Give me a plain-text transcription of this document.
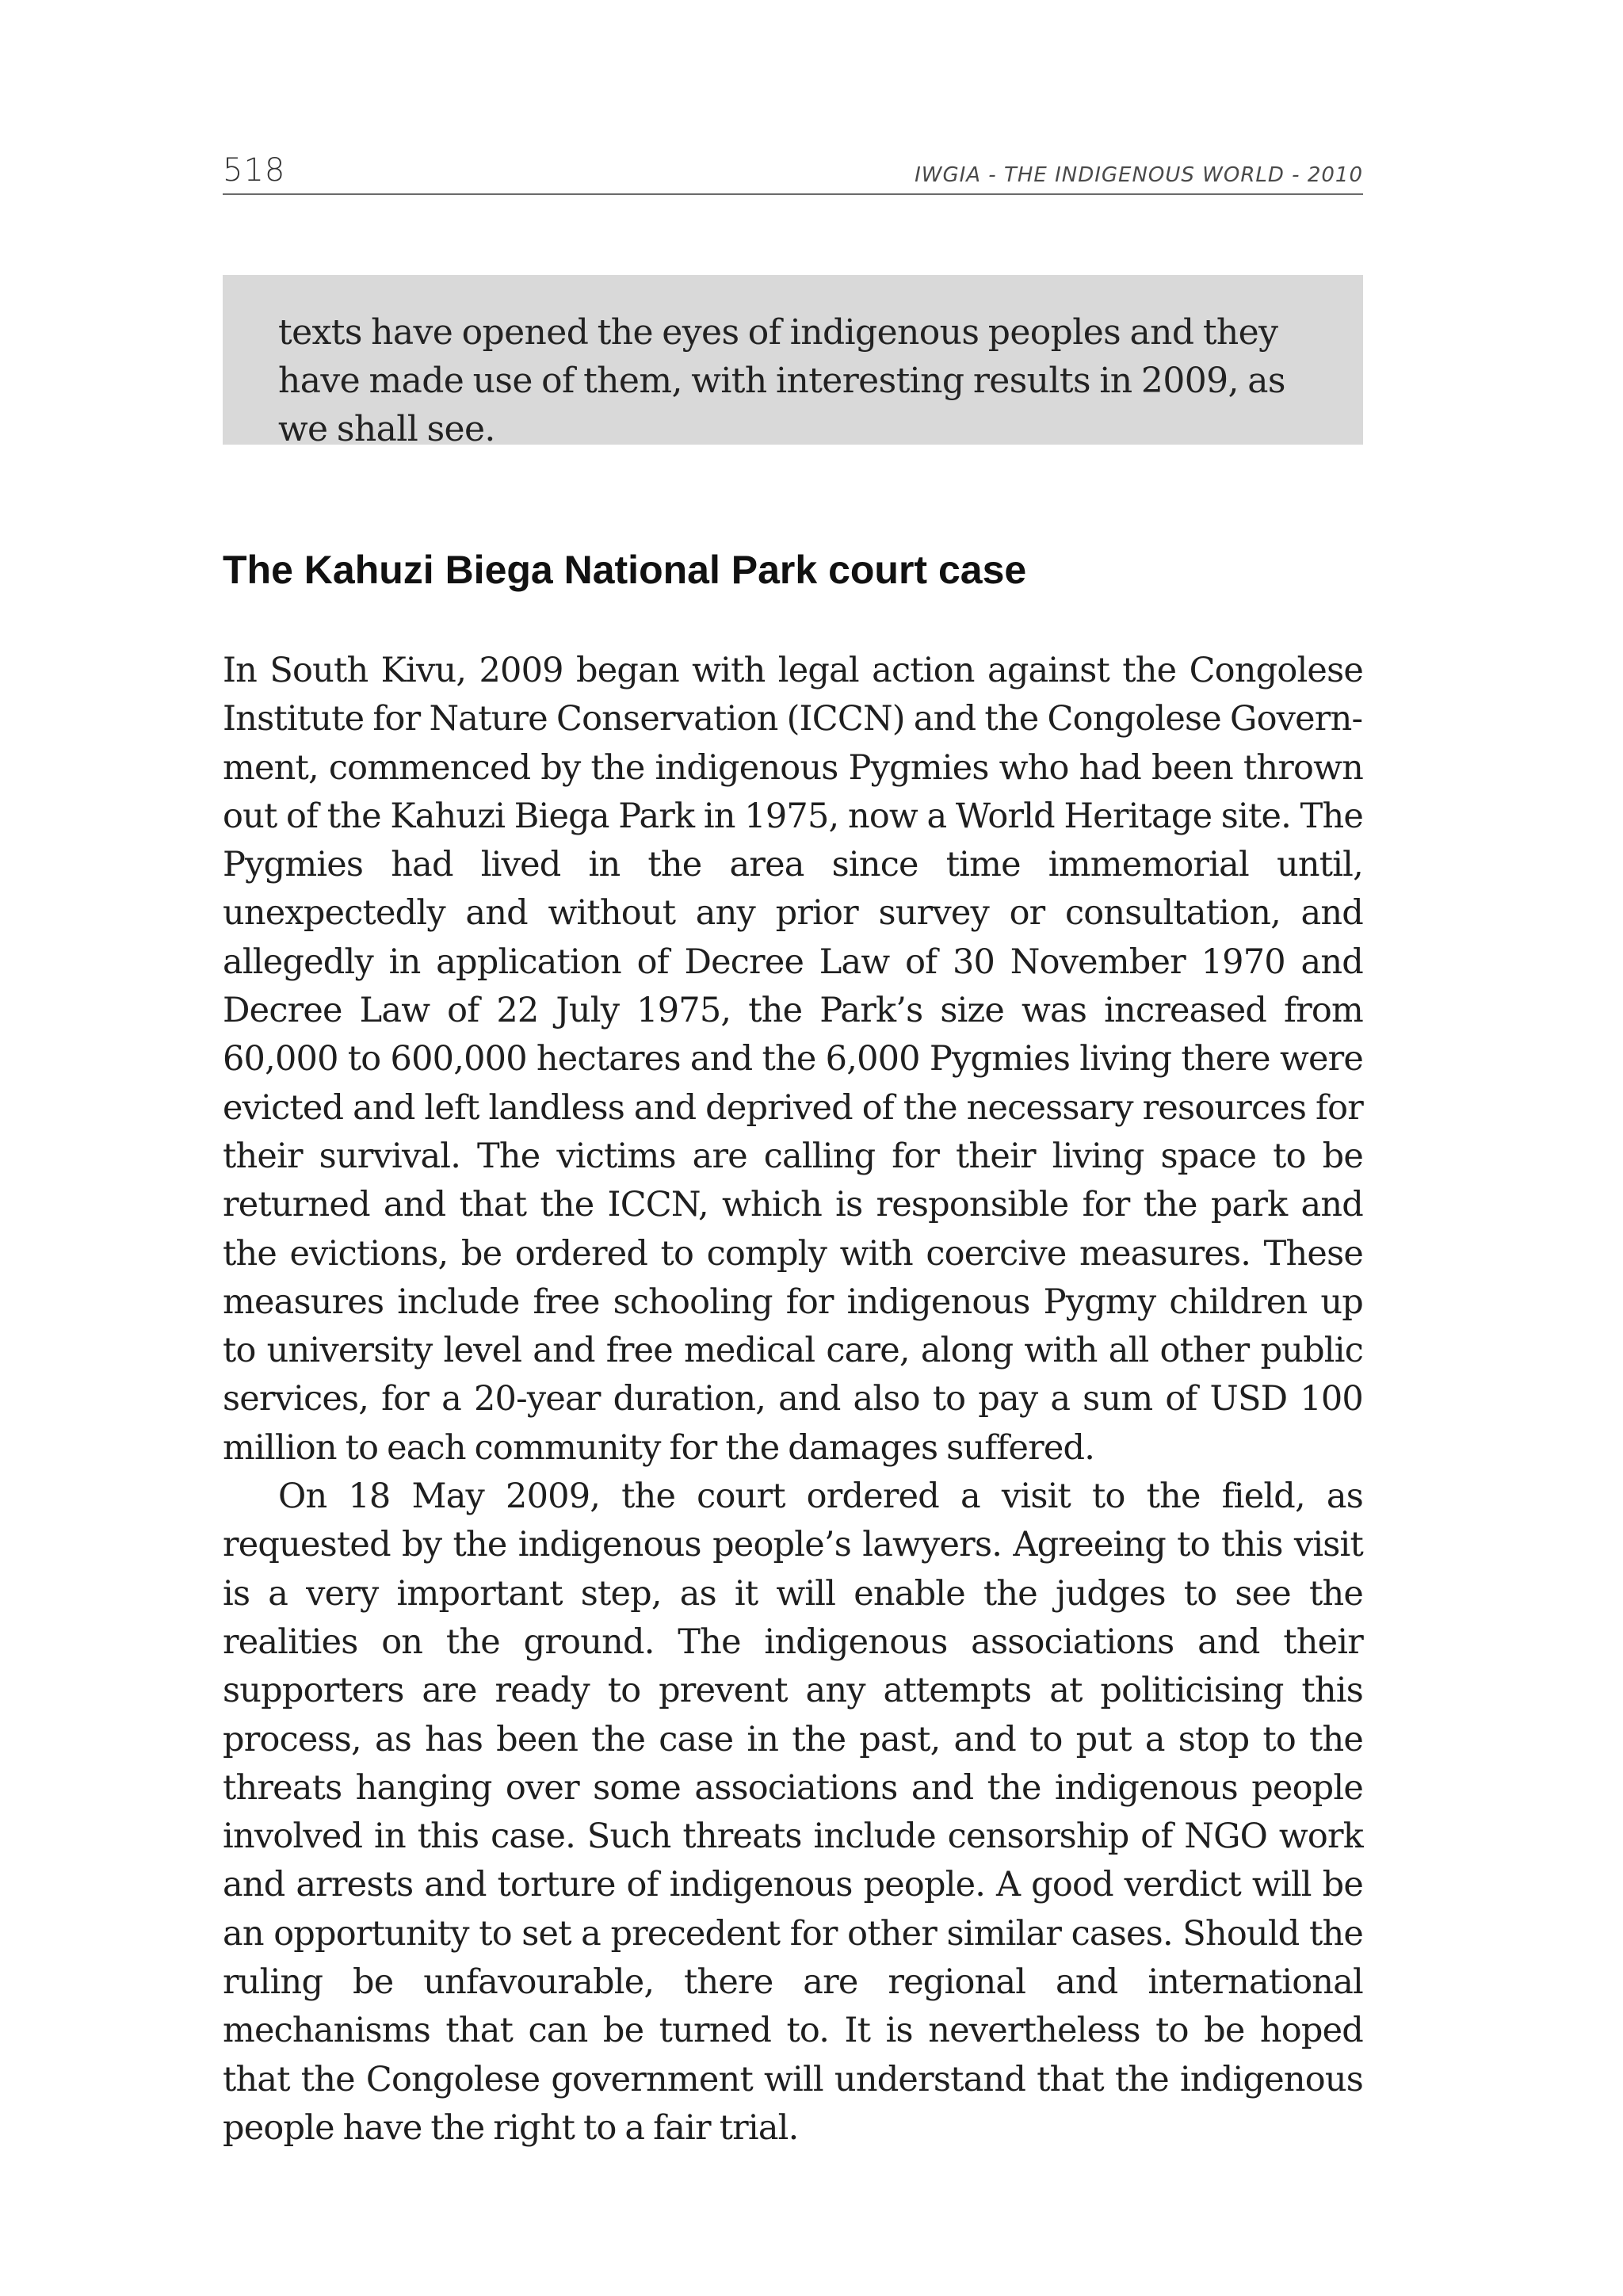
518	IWGIA - THE INDIGENOUS WORLD - 2010

texts have opened the eyes of indigenous peoples and they have made use of them, with interesting results in 2009, as we shall see.

The Kahuzi Biega National Park court case

In South Kivu, 2009 began with legal action against the Congolese Institute for Nature Conservation (ICCN) and the Congolese Government, commenced by the indigenous Pygmies who had been thrown out of the Kahuzi Biega Park in 1975, now a World Heritage site. The Pygmies had lived in the area since time immemorial until, unexpectedly and without any prior survey or consultation, and allegedly in application of Decree Law of 30 November 1970 and Decree Law of 22 July 1975, the Park’s size was increased from 60,000 to 600,000 hectares and the 6,000 Pygmies living there were evicted and left landless and deprived of the necessary resources for their survival. The victims are calling for their living space to be returned and that the ICCN, which is responsible for the park and the evictions, be ordered to comply with coercive measures. These measures include free schooling for indigenous Pygmy children up to university level and free medical care, along with all other public services, for a 20-year duration, and also to pay a sum of USD 100 million to each community for the damages suffered.

On 18 May 2009, the court ordered a visit to the field, as requested by the indigenous people’s lawyers. Agreeing to this visit is a very important step, as it will enable the judges to see the realities on the ground. The indigenous associations and their supporters are ready to prevent any attempts at politicising this process, as has been the case in the past, and to put a stop to the threats hanging over some associations and the indigenous people involved in this case. Such threats include censorship of NGO work and arrests and torture of indigenous people. A good verdict will be an opportunity to set a precedent for other similar cases. Should the ruling be unfavourable, there are regional and international mechanisms that can be turned to. It is nevertheless to be hoped that the Congolese government will understand that the indigenous people have the right to a fair trial.
